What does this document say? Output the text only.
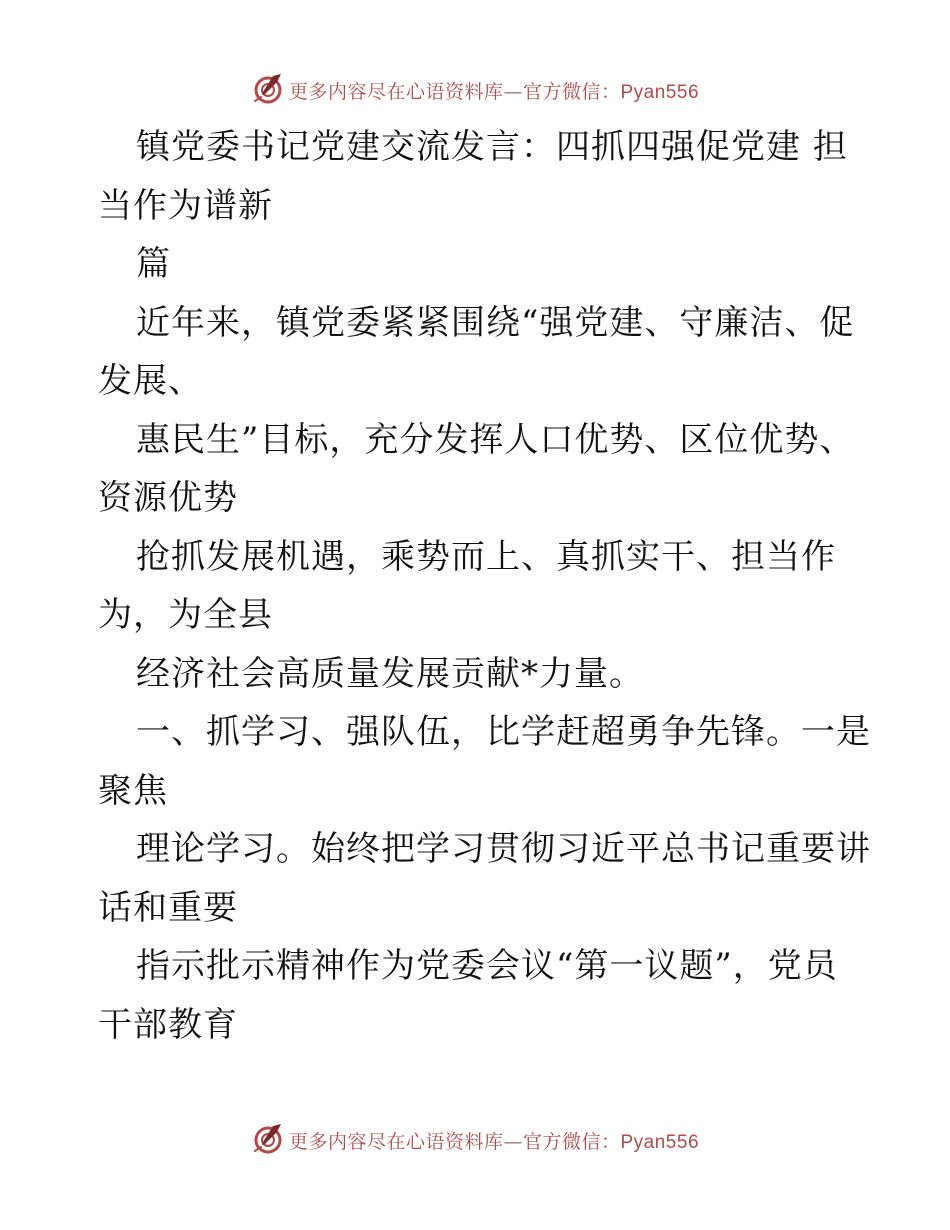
更多内容尽在心语资料库—官方微信：Pyan556
镇党委书记党建交流发言：四抓四强促党建 担
当作为谱新
篇
近年来，镇党委紧紧围绕“强党建、守廉洁、促
发展、
惠民生”目标，充分发挥人口优势、区位优势、
资源优势
抢抓发展机遇，乘势而上、真抓实干、担当作
为，为全县
经济社会高质量发展贡献*力量。
一、抓学习、强队伍，比学赶超勇争先锋。一是
聚焦
理论学习。始终把学习贯彻习近平总书记重要讲
话和重要
指示批示精神作为党委会议“第一议题”，党员
干部教育
更多内容尽在心语资料库—官方微信：Pyan556
